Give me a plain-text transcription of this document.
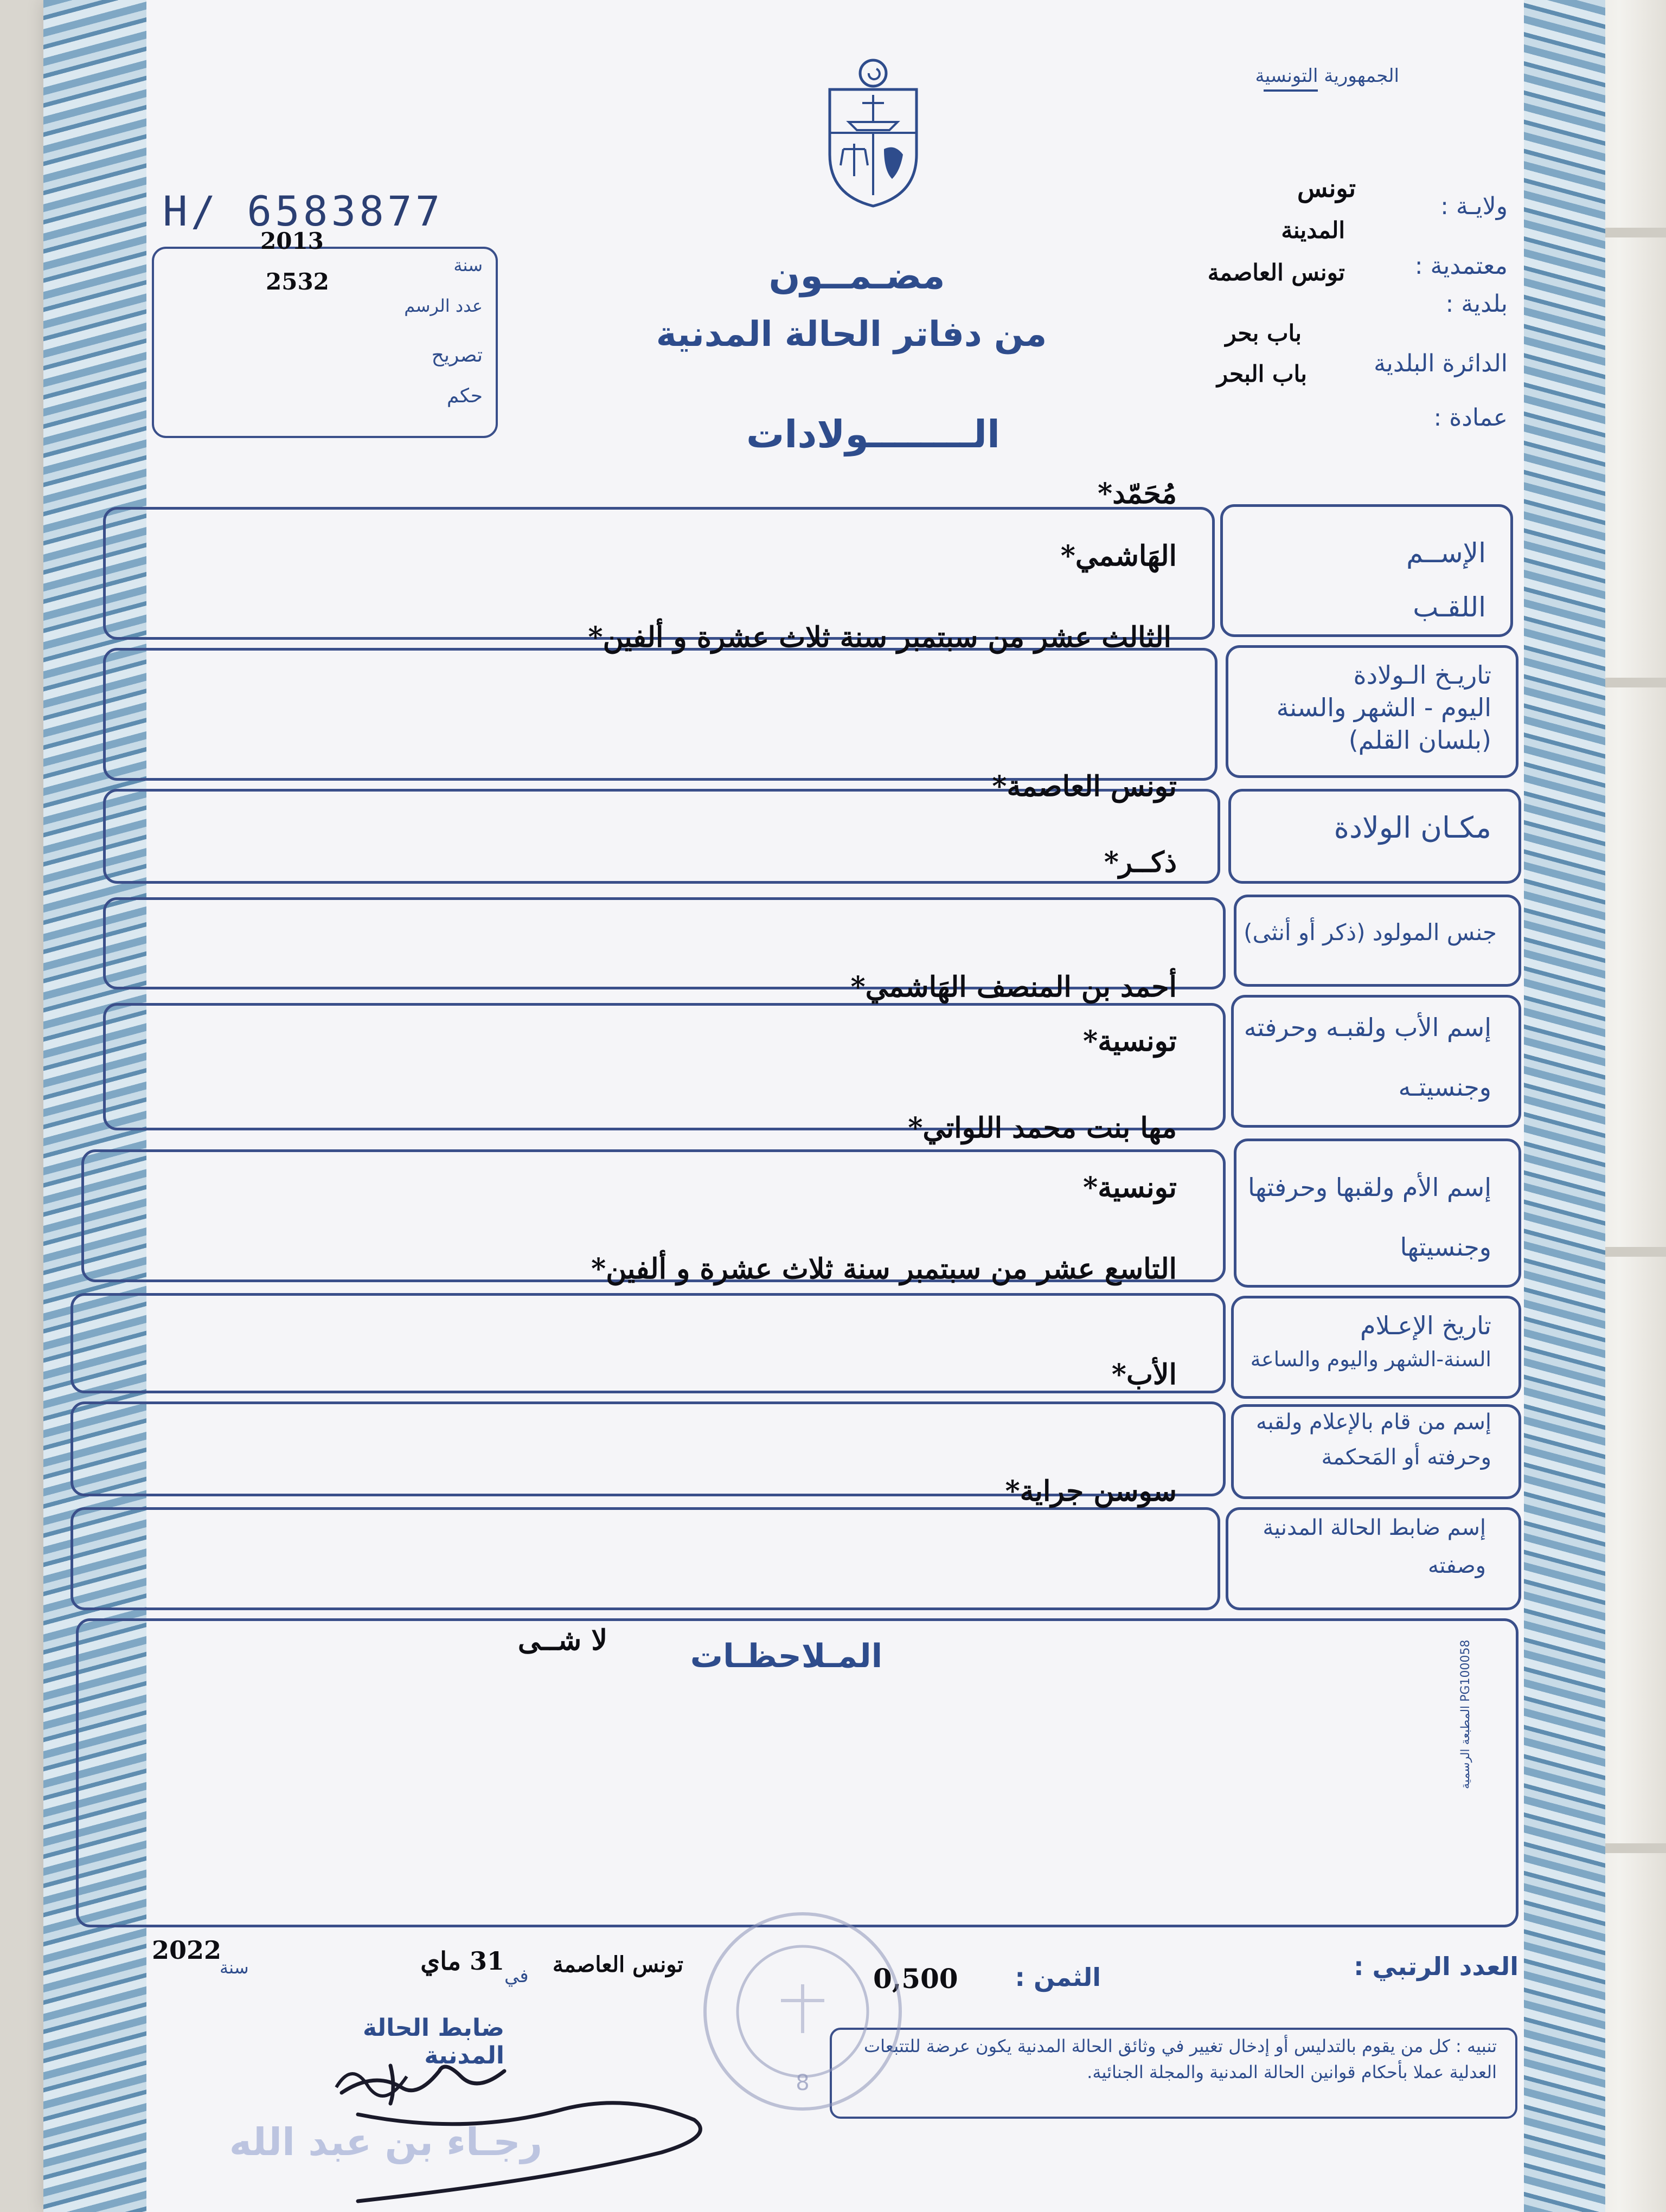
الجمهورية التونسية
ولايـة :
تونس
المدينة
معتمدية :
تونس العاصمة
بلدية :
باب بحر
الدائرة البلدية
باب البحر
عمادة :
H/ 6583877
سنة
2013
عدد الرسم
2532
تصريح
حكم
مضـمــون
من دفاتر الحالة المدنية
الــــــــولادات
الإســم
اللقـب
مُحَمّد*
الهَاشمي*
تاريـخ الـولادة
اليوم - الشهر والسنة
(بلسان القلم)
الثالث عشر من سبتمبر سنة ثلاث عشرة و ألفين*
مكـان الولادة
تونس العاصمة*
جنس المولود (ذكر أو أنثى)
ذكــر*
إسم الأب ولقبـه وحرفته
وجنسيتـه
أحمد بن المنصف الهَاشمي*
تونسية*
إسم الأم ولقبها وحرفتها
وجنسيتها
مها بنت محمد اللواتي*
تونسية*
تاريخ الإعـلام
السنة-الشهر واليوم والساعة
التاسع عشر من سبتمبر سنة ثلاث عشرة و ألفين*
إسم من قام بالإعلام ولقبه
وحرفته أو المَحكمة
الأب*
إسم ضابط الحالة المدنية
وصفته
سوسن جراية*
المـلاحظـات
لا شــى
المطبعة الرسمية PG100058
العدد الرتبي :
الثمن :
0,500
تونس العاصمة
في
31 ماي
سنة
2022
ضابط الحالة المدنية	تنبيه : كل من يقوم بالتدليس أو إدخال تغيير في وثائق الحالة المدنية يكون عرضة للتتبعات العدلية عملا بأحكام قوانين الحالة المدنية والمجلة الجنائية.
8
رجـاء بن عبد الله
